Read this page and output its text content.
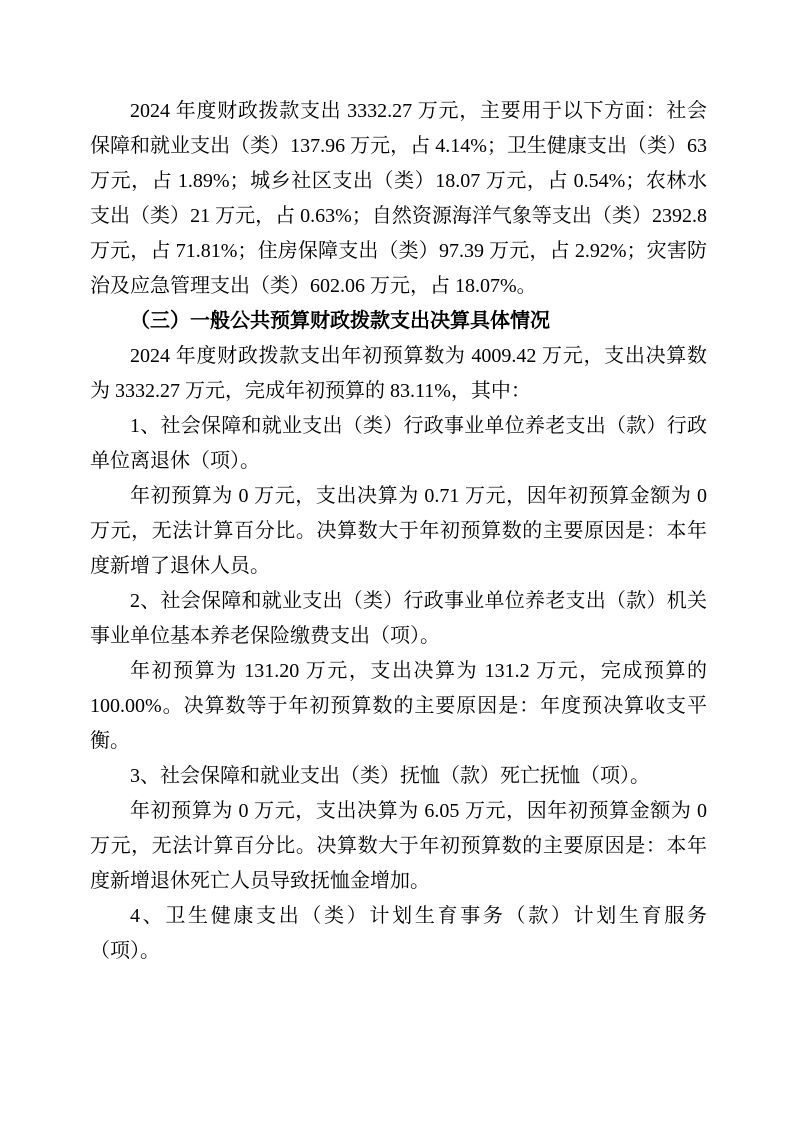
2024 年度财政拨款支出 3332.27 万元，主要用于以下方面：社会保障和就业支出（类）137.96 万元，占 4.14%；卫生健康支出（类）63 万元，占 1.89%；城乡社区支出（类）18.07 万元，占 0.54%；农林水支出（类）21 万元，占 0.63%；自然资源海洋气象等支出（类）2392.8 万元，占 71.81%；住房保障支出（类）97.39 万元，占 2.92%；灾害防治及应急管理支出（类）602.06 万元，占 18.07%。

（三）一般公共预算财政拨款支出决算具体情况

2024 年度财政拨款支出年初预算数为 4009.42 万元，支出决算数为 3332.27 万元，完成年初预算的 83.11%，其中：

1、社会保障和就业支出（类）行政事业单位养老支出（款）行政单位离退休（项）。

年初预算为 0 万元，支出决算为 0.71 万元，因年初预算金额为 0 万元，无法计算百分比。决算数大于年初预算数的主要原因是：本年度新增了退休人员。

2、社会保障和就业支出（类）行政事业单位养老支出（款）机关事业单位基本养老保险缴费支出（项）。

年初预算为 131.20 万元，支出决算为 131.2 万元，完成预算的 100.00%。决算数等于年初预算数的主要原因是：年度预决算收支平衡。

3、社会保障和就业支出（类）抚恤（款）死亡抚恤（项）。

年初预算为 0 万元，支出决算为 6.05 万元，因年初预算金额为 0 万元，无法计算百分比。决算数大于年初预算数的主要原因是：本年度新增退休死亡人员导致抚恤金增加。

4、卫生健康支出（类）计划生育事务（款）计划生育服务（项）。
